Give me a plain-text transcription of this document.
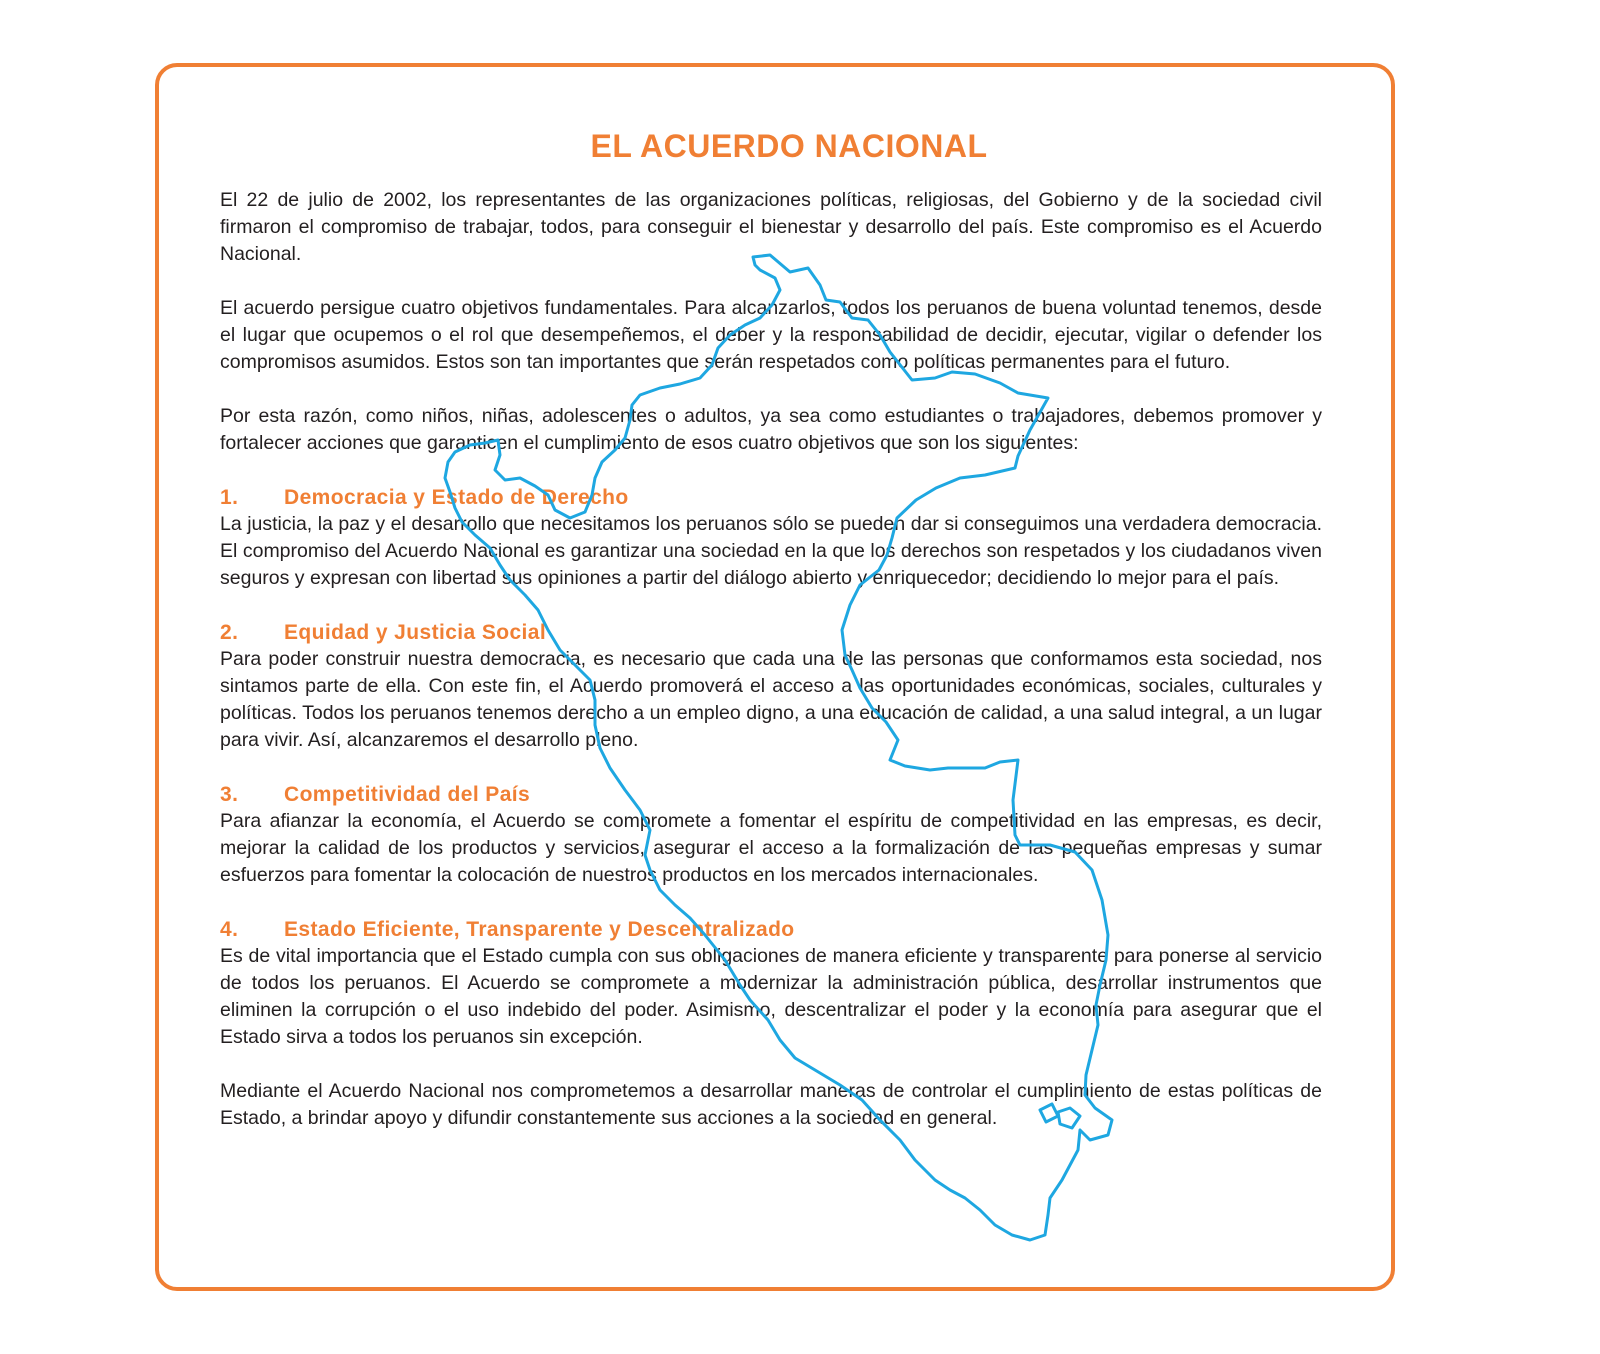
EL ACUERDO NACIONAL

El 22 de julio de 2002, los representantes de las organizaciones políticas, religiosas, del Gobierno y de la sociedad civil firmaron el compromiso de trabajar, todos, para conseguir el bienestar y desarrollo del país. Este compromiso es el Acuerdo Nacional.

El acuerdo persigue cuatro objetivos fundamentales. Para alcanzarlos, todos los peruanos de buena voluntad tenemos, desde el lugar que ocupemos o el rol que desempeñemos, el deber y la responsabilidad de decidir, ejecutar, vigilar o defender los compromisos asumidos. Estos son tan importantes que serán respetados como políticas permanentes para el futuro.

Por esta razón, como niños, niñas, adolescentes o adultos, ya sea como estudiantes o trabajadores, debemos promover y fortalecer acciones que garanticen el cumplimiento de esos cuatro objetivos que son los siguientes:

1. Democracia y Estado de Derecho

La justicia, la paz y el desarrollo que necesitamos los peruanos sólo se pueden dar si conseguimos una verdadera democracia. El compromiso del Acuerdo Nacional es garantizar una sociedad en la que los derechos son respetados y los ciudadanos viven seguros y expresan con libertad sus opiniones a partir del diálogo abierto y enriquecedor; decidiendo lo mejor para el país.

2. Equidad y Justicia Social

Para poder construir nuestra democracia, es necesario que cada una de las personas que conformamos esta sociedad, nos sintamos parte de ella. Con este fin, el Acuerdo promoverá el acceso a las oportunidades económicas, sociales, culturales y políticas. Todos los peruanos tenemos derecho a un empleo digno, a una educación de calidad, a una salud integral, a un lugar para vivir. Así, alcanzaremos el desarrollo pleno.

3. Competitividad del País

Para afianzar la economía, el Acuerdo se compromete a fomentar el espíritu de competitividad en las empresas, es decir, mejorar la calidad de los productos y servicios, asegurar el acceso a la formalización de las pequeñas empresas y sumar esfuerzos para fomentar la colocación de nuestros productos en los mercados internacionales.

4. Estado Eficiente, Transparente y Descentralizado

Es de vital importancia que el Estado cumpla con sus obligaciones de manera eficiente y transparente para ponerse al servicio de todos los peruanos. El Acuerdo se compromete a modernizar la administración pública, desarrollar instrumentos que eliminen la corrupción o el uso indebido del poder. Asimismo, descentralizar el poder y la economía para asegurar que el Estado sirva a todos los peruanos sin excepción.

Mediante el Acuerdo Nacional nos comprometemos a desarrollar maneras de controlar el cumplimiento de estas políticas de Estado, a brindar apoyo y difundir constantemente sus acciones a la sociedad en general.
